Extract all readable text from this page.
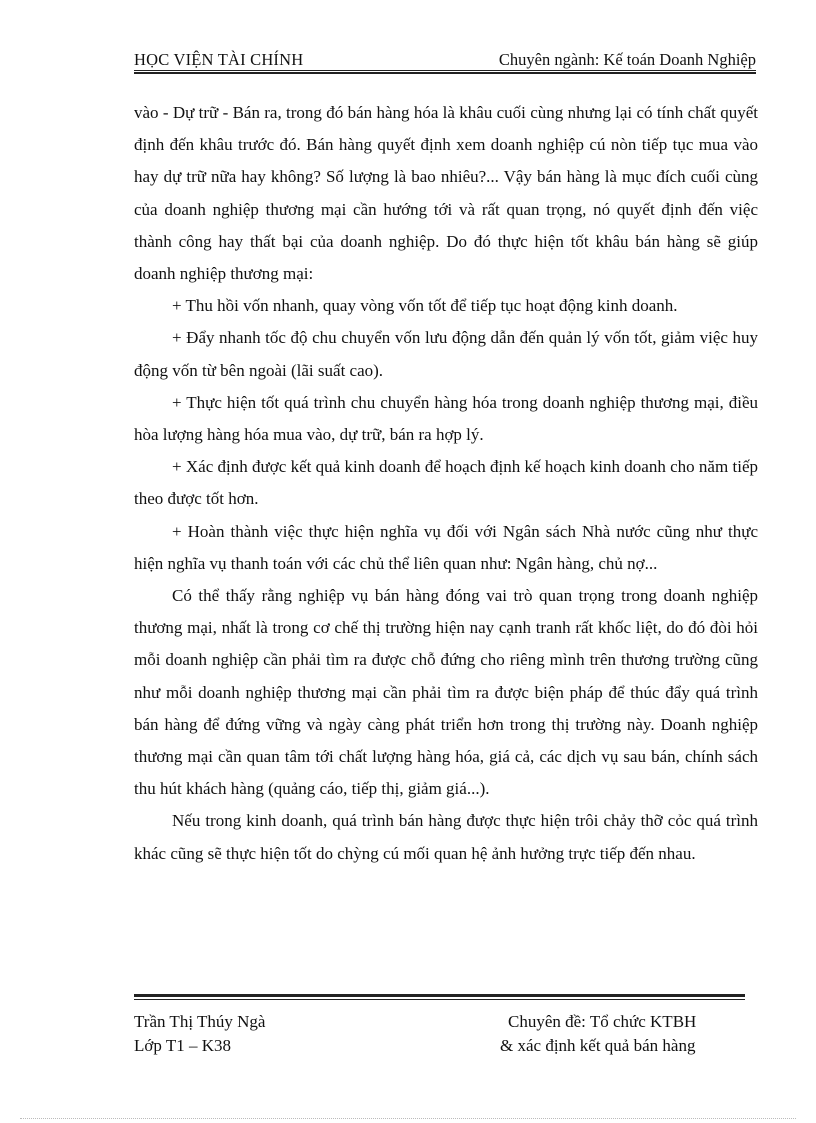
HỌC VIỆN TÀI CHÍNH	Chuyên ngành: Kế toán Doanh Nghiệp

vào - Dự trữ - Bán ra, trong đó bán hàng hóa là khâu cuối cùng nhưng lại có tính chất quyết định đến khâu trước đó. Bán hàng quyết định xem doanh nghiệp cú nòn tiếp tục mua vào hay dự trữ nữa hay không? Số lượng là bao nhiêu?... Vậy bán hàng là mục đích cuối cùng của doanh nghiệp thương mại cần hướng tới và rất quan trọng, nó quyết định đến việc thành công hay thất bại của doanh nghiệp. Do đó thực hiện tốt khâu bán hàng sẽ giúp doanh nghiệp thương mại:

+ Thu hồi vốn nhanh, quay vòng vốn tốt để tiếp tục hoạt động kinh doanh.

+ Đẩy nhanh tốc độ chu chuyển vốn lưu động dẫn đến quản lý vốn tốt, giảm việc huy động vốn từ bên ngoài (lãi suất cao).

+ Thực hiện tốt quá trình chu chuyển hàng hóa trong doanh nghiệp thương mại, điều hòa lượng hàng hóa mua vào, dự trữ, bán ra hợp lý.

+ Xác định được kết quả kinh doanh để hoạch định kế hoạch kinh doanh cho năm tiếp theo được tốt hơn.

+ Hoàn thành việc thực hiện nghĩa vụ đối với Ngân sách Nhà nước cũng như thực hiện nghĩa vụ thanh toán với các chủ thể liên quan như: Ngân hàng, chủ nợ...

Có thể thấy rằng nghiệp vụ bán hàng đóng vai trò quan trọng trong doanh nghiệp thương mại, nhất là trong cơ chế thị trường hiện nay cạnh tranh rất khốc liệt, do đó đòi hỏi mỗi doanh nghiệp cần phải tìm ra được chỗ đứng cho riêng mình trên thương trường cũng như mỗi doanh nghiệp thương mại cần phải tìm ra được biện pháp để thúc đẩy quá trình bán hàng để đứng vững và ngày càng phát triển hơn trong thị trường này. Doanh nghiệp thương mại cần quan tâm tới chất lượng hàng hóa, giá cả, các dịch vụ sau bán, chính sách thu hút khách hàng (quảng cáo, tiếp thị, giảm giá...).

Nếu trong kinh doanh, quá trình bán hàng được thực hiện trôi chảy thỡ cỏc quá trình khác cũng sẽ thực hiện tốt do chỳng cú mối quan hệ ảnh hưởng trực tiếp đến nhau.

Trần Thị Thúy Ngà
Lớp T1 – K38
Chuyên đề: Tổ chức KTBH
& xác định kết quả bán hàng
